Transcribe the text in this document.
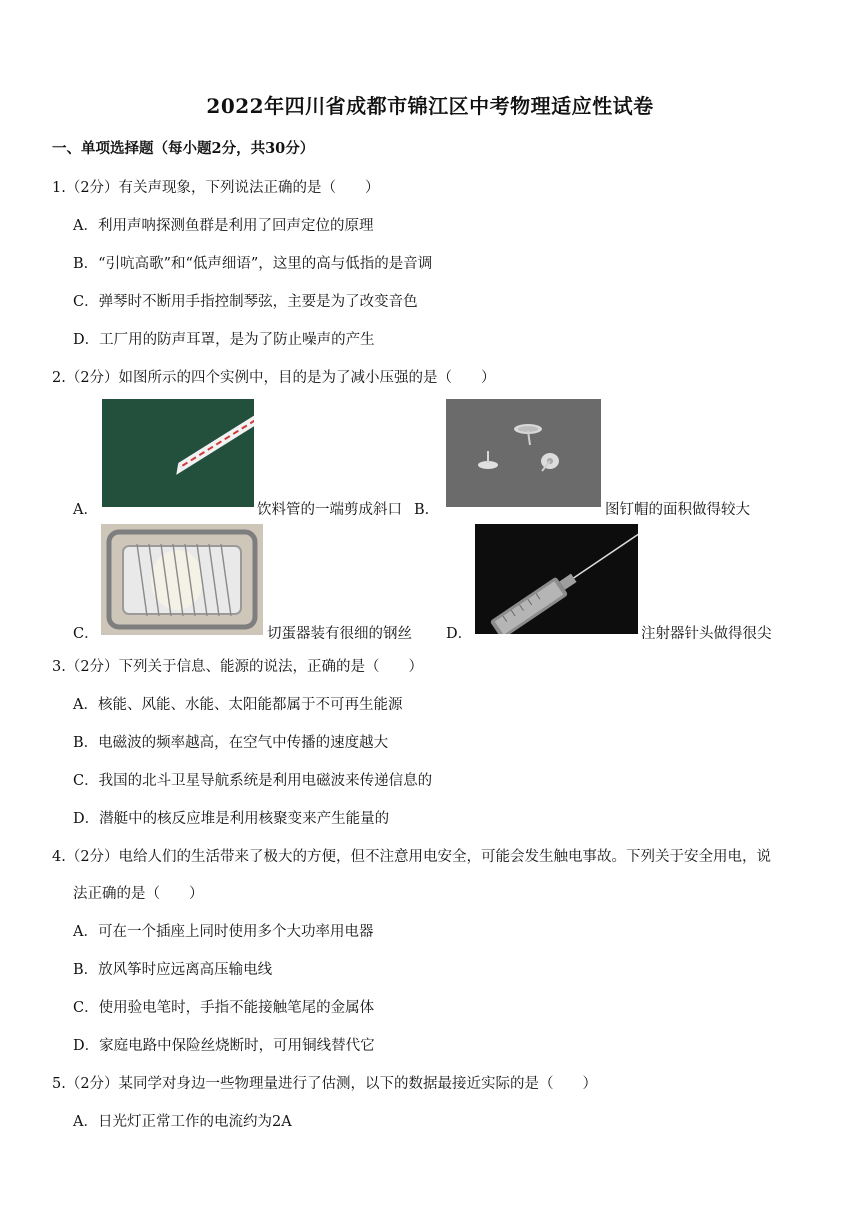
2022年四川省成都市锦江区中考物理适应性试卷
一、单项选择题（每小题2分，共30分）
1.（2分）有关声现象，下列说法正确的是（　　）
A．利用声呐探测鱼群是利用了回声定位的原理
B．“引吭高歌”和“低声细语”，这里的高与低指的是音调
C．弹琴时不断用手指控制琴弦，主要是为了改变音色
D．工厂用的防声耳罩，是为了防止噪声的产生
2.（2分）如图所示的四个实例中，目的是为了减小压强的是（　　）
A．	饮料管的一端剪成斜口 B．	图钉帽的面积做得较大
C．	切蛋器装有很细的钢丝 D．	注射器针头做得很尖
3.（2分）下列关于信息、能源的说法，正确的是（　　）
A．核能、风能、水能、太阳能都属于不可再生能源
B．电磁波的频率越高，在空气中传播的速度越大
C．我国的北斗卫星导航系统是利用电磁波来传递信息的
D．潜艇中的核反应堆是利用核聚变来产生能量的
4.（2分）电给人们的生活带来了极大的方便，但不注意用电安全，可能会发生触电事故。下列关于安全用电，说
法正确的是（　　）
A．可在一个插座上同时使用多个大功率用电器
B．放风筝时应远离高压输电线
C．使用验电笔时，手指不能接触笔尾的金属体
D．家庭电路中保险丝烧断时，可用铜线替代它
5.（2分）某同学对身边一些物理量进行了估测，以下的数据最接近实际的是（　　）
A．日光灯正常工作的电流约为2A
